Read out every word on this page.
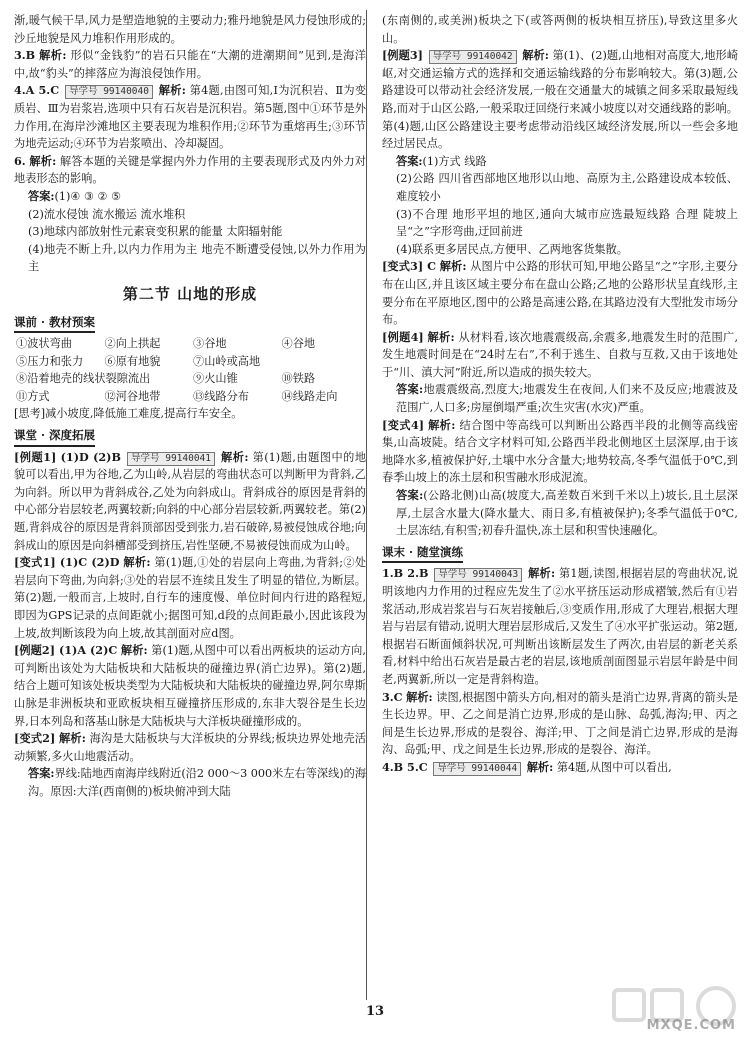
渐,暖气候干旱,风力是塑造地貌的主要动力;雅丹地貌是风力侵蚀形成的;沙丘地貌是风力堆积作用形成的。

3.B 解析: 形似“金钱豹”的岩石只能在“大潮的进潮期间”见到,是海洋中,故“豹头”的摔落应为海浪侵蚀作用。

4.A 5.C 导学号 99140040 解析: 第4题,由图可知,Ⅰ为沉积岩、Ⅱ为变质岩、Ⅲ为岩浆岩,选项中只有石灰岩是沉积岩。第5题,图中①环节是外力作用,在海岸沙滩地区主要表现为堆积作用;②环节为重熔再生;③环节为地壳运动;④环节为岩浆喷出、冷却凝固。

6. 解析: 解答本题的关键是掌握内外力作用的主要表现形式及内外力对地表形态的影响。

答案:(1)④ ③ ② ⑤

(2)流水侵蚀 流水搬运 流水堆积

(3)地球内部放射性元素衰变积累的能量 太阳辐射能

(4)地壳不断上升,以内力作用为主 地壳不断遭受侵蚀,以外力作用为主

第二节 山地的形成
课前 · 教材预案
①波状弯曲	②向上拱起	③谷地	④谷地
⑤压力和张力	⑥原有地貌	⑦山岭或高地
⑧沿着地壳的线状裂隙流出	⑨火山锥	⑩铁路
⑪方式	⑫河谷地带	⑬线路分布	⑭线路走向

[思考]减小坡度,降低施工难度,提高行车安全。

课堂 · 深度拓展

[例题1] (1)D (2)B 导学号 99140041 解析: 第(1)题,由题图中的地貌可以看出,甲为谷地,乙为山岭,从岩层的弯曲状态可以判断甲为背斜,乙为向斜。所以甲为背斜成谷,乙处为向斜成山。背斜成谷的原因是背斜的中心部分岩层较老,两翼较新;向斜的中心部分岩层较新,两翼较老。第(2)题,背斜成谷的原因是背斜顶部因受到张力,岩石破碎,易被侵蚀成谷地;向斜成山的原因是向斜槽部受到挤压,岩性坚硬,不易被侵蚀而成为山岭。

[变式1] (1)C (2)D 解析: 第(1)题,①处的岩层向上弯曲,为背斜;②处岩层向下弯曲,为向斜;③处的岩层不连续且发生了明显的错位,为断层。第(2)题,一般而言,上坡时,自行车的速度慢、单位时间内行进的路程短,即因为GPS记录的点间距就小;据图可知,d段的点间距最小,因此该段为上坡,故判断该段为向上坡,故其剖面对应d图。

[例题2] (1)A (2)C 解析: 第(1)题,从图中可以看出两板块的运动方向,可判断出该处为大陆板块和大陆板块的碰撞边界(消亡边界)。第(2)题,结合上题可知该处板块类型为大陆板块和大陆板块的碰撞边界,阿尔卑斯山脉是非洲板块和亚欧板块相互碰撞挤压形成的,东非大裂谷是生长边界,日本列岛和落基山脉是大陆板块与大洋板块碰撞形成的。

[变式2] 解析: 海沟是大陆板块与大洋板块的分界线;板块边界处地壳活动频繁,多火山地震活动。

答案:界线:陆地西南海岸线附近(沿2 000～3 000米左右等深线)的海沟。原因:大洋(西南侧的)板块俯冲到大陆

(东南侧的,或美洲)板块之下(或答两侧的板块相互挤压),导致这里多火山。

[例题3] 导学号 99140042 解析: 第(1)、(2)题,山地相对高度大,地形崎岖,对交通运输方式的选择和交通运输线路的分布影响较大。第(3)题,公路建设可以带动社会经济发展,一般在交通量大的城镇之间多采取最短线路,而对于山区公路,一般采取迂回绕行来减小坡度以对交通线路的影响。第(4)题,山区公路建设主要考虑带动沿线区域经济发展,所以一些会多地经过居民点。

答案:(1)方式 线路

(2)公路 四川省西部地区地形以山地、高原为主,公路建设成本较低、难度较小

(3)不合理 地形平坦的地区,通向大城市应选最短线路 合理 陡坡上呈“之”字形弯曲,迂回前进

(4)联系更多居民点,方便甲、乙两地客货集散。

[变式3] C 解析: 从图片中公路的形状可知,甲地公路呈“之”字形,主要分布在山区,并且该区域主要分布在盘山公路;乙地的公路形状呈直线形,主要分布在平原地区,图中的公路是高速公路,在其路边没有大型批发市场分布。

[例题4] 解析: 从材料看,该次地震震级高,余震多,地震发生时的范围广,发生地震时间是在“24时左右”,不利于逃生、自救与互救,又由于该地处于“川、滇大河”附近,所以造成的损失较大。

答案:地震震级高,烈度大;地震发生在夜间,人们来不及反应;地震波及范围广,人口多;房屋倒塌严重;次生灾害(水灾)严重。

[变式4] 解析: 结合图中等高线可以判断出公路西半段的北侧等高线密集,山高坡陡。结合文字材料可知,公路西半段北侧地区土层深厚,由于该地降水多,植被保护好,土壤中水分含量大;地势较高,冬季气温低于0℃,到春季山坡上的冻土层和积雪融水形成泥流。

答案:(公路北侧)山高(坡度大,高差数百米到千米以上)坡长,且土层深厚,土层含水量大(降水量大、雨日多,有植被保护);冬季气温低于0℃,土层冻结,有积雪;初春升温快,冻土层和积雪快速融化。

课末 · 随堂演练

1.B 2.B 导学号 99140043 解析: 第1题,读图,根据岩层的弯曲状况,说明该地内力作用的过程应先发生了②水平挤压运动形成褶皱,然后有①岩浆活动,形成岩浆岩与石灰岩接触后,③变质作用,形成了大理岩,根据大理岩与岩层有错动,说明大理岩层形成后,又发生了④水平扩张运动。第2题,根据岩石断面倾斜状况,可判断出该断层发生了两次,由岩层的新老关系看,材料中给出石灰岩是最古老的岩层,该地质剖面图显示岩层年龄是中间老,两翼新,所以一定是背斜构造。

3.C 解析: 读图,根据图中箭头方向,相对的箭头是消亡边界,背离的箭头是生长边界。甲、乙之间是消亡边界,形成的是山脉、岛弧,海沟;甲、丙之间是生长边界,形成的是裂谷、海洋;甲、丁之间是消亡边界,形成的是海沟、岛弧;甲、戊之间是生长边界,形成的是裂谷、海洋。

4.B 5.C 导学号 99140044 解析: 第4题,从图中可以看出,

13
MXQE.COM
